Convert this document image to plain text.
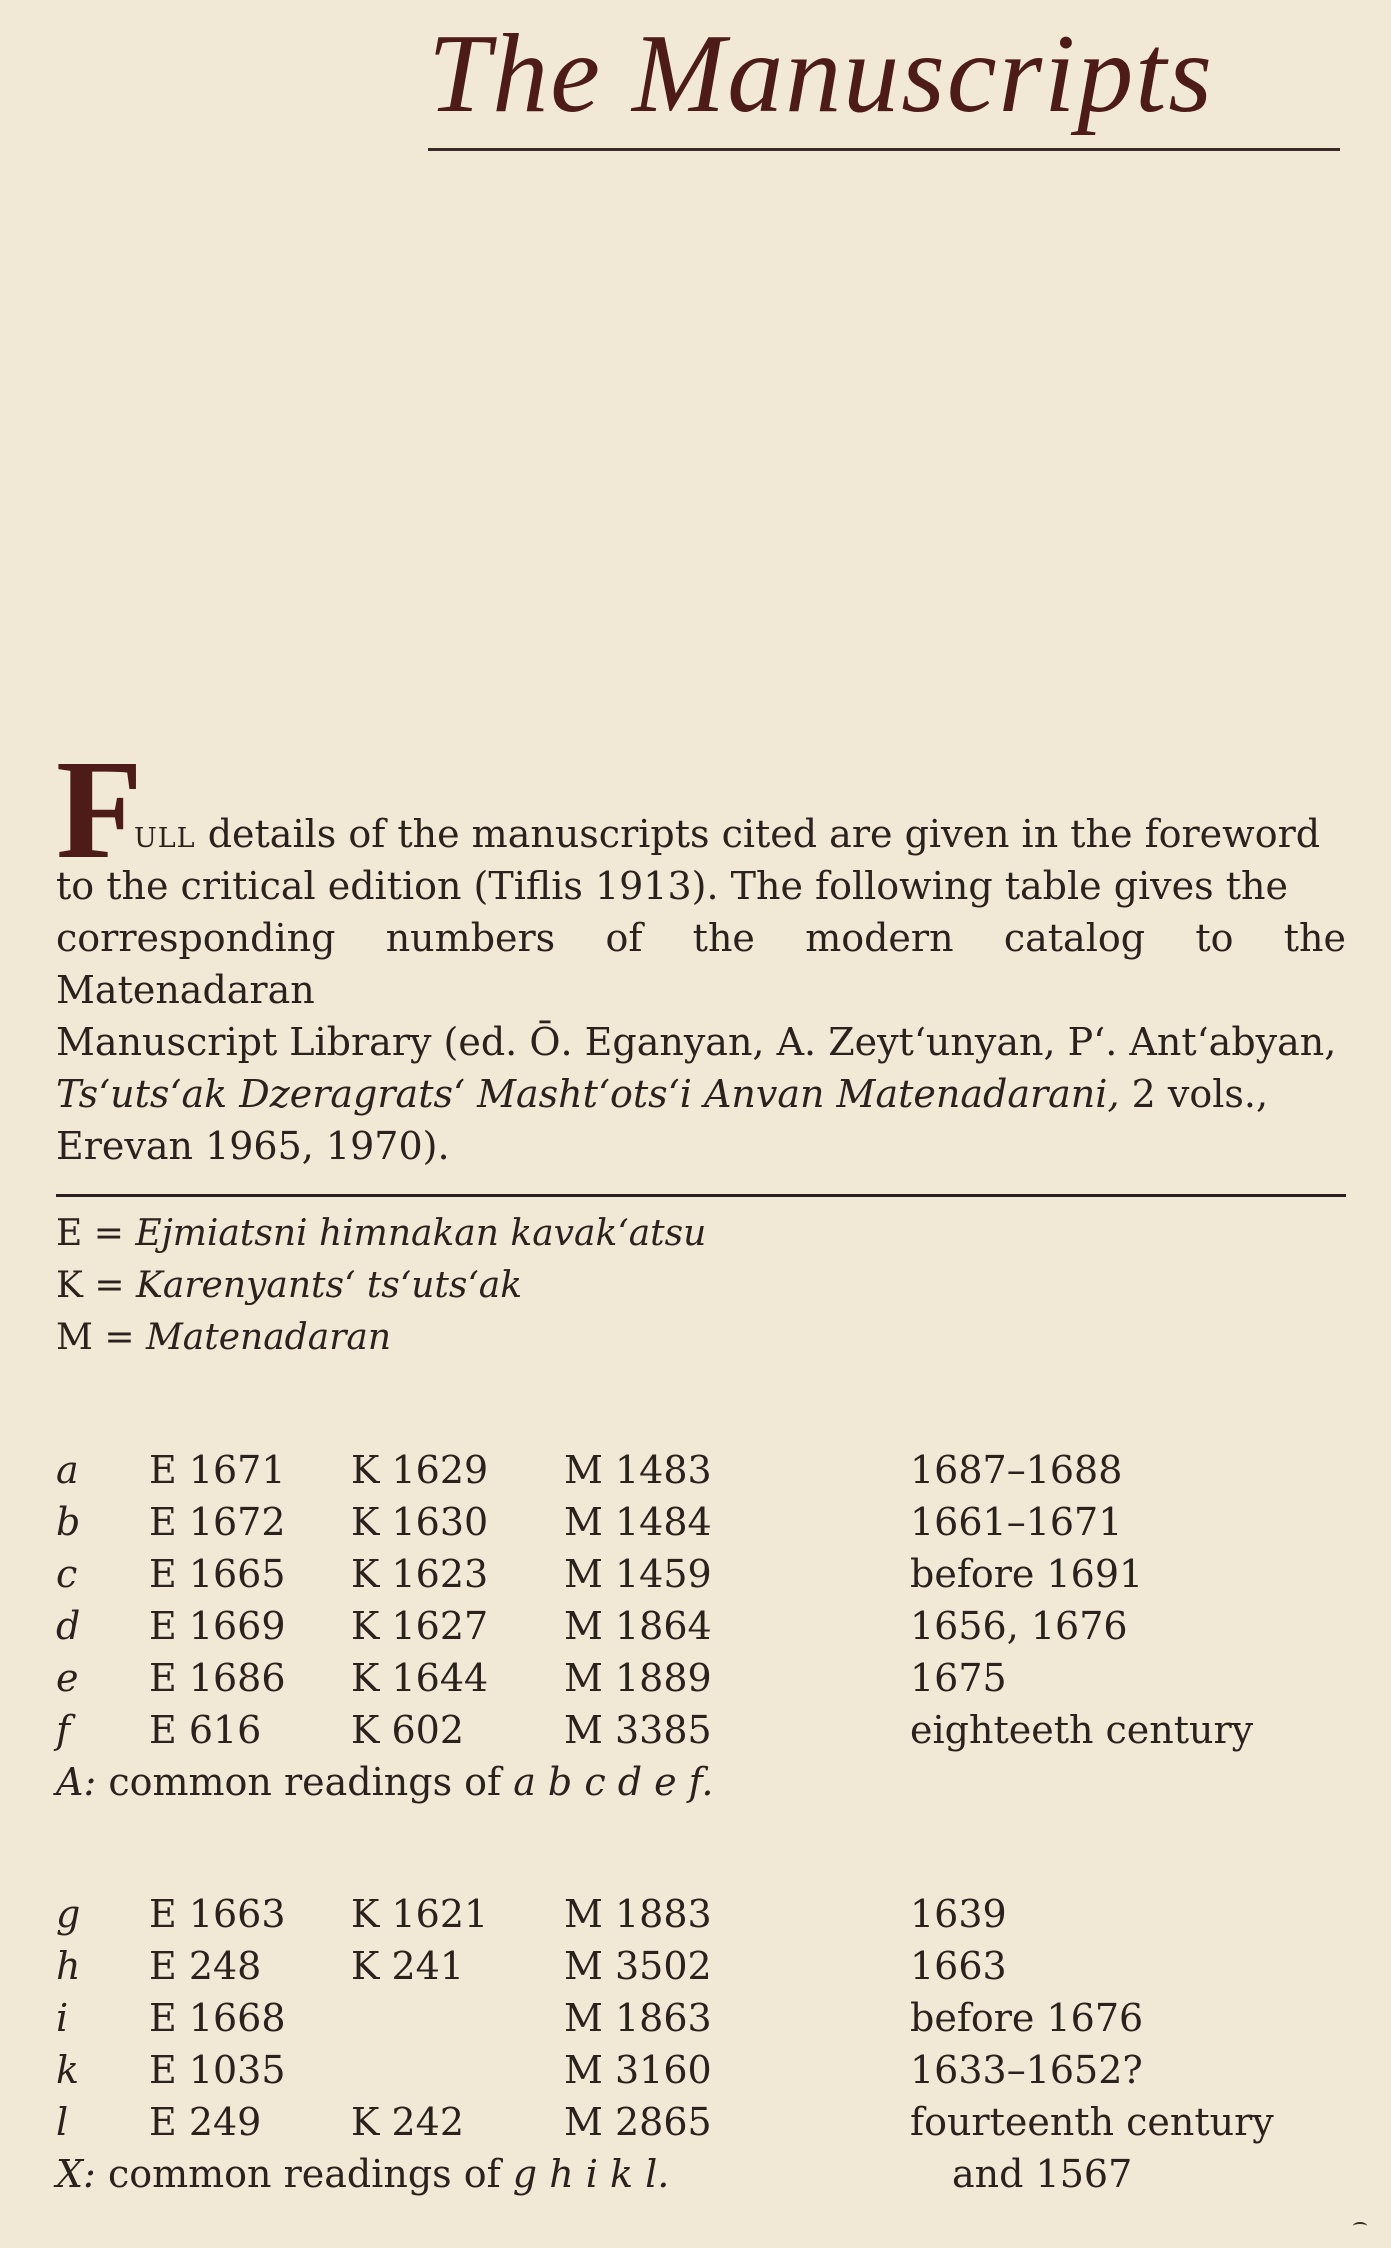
The Manuscripts
F

ull details of the manuscripts cited are given in the foreword

to the critical edition (Tiflis 1913). The following table gives the

corresponding numbers of the modern catalog to the Matenadaran

Manuscript Library (ed. Ō. Eganyan, A. Zeyt‘unyan, P‘. Ant‘abyan,

Ts‘uts‘ak Dzeragrats‘ Masht‘ots‘i Anvan Matenadarani, 2 vols.,

Erevan 1965, 1970).

E = Ejmiatsni himnakan kavak‘atsu
K = Karenyants‘ ts‘uts‘ak
M = Matenadaran
a E 1671 K 1629 M 1483	1687–1688
b E 1672 K 1630 M 1484	1661–1671
c E 1665 K 1623 M 1459	before 1691
d E 1669 K 1627 M 1864	1656, 1676
e E 1686 K 1644 M 1889	1675
f E 616 K 602	M 3385	eighteeth century
A: common readings of a b c d e f.
g E 1663 K 1621 M 1883	1639
h E 248 K 241	M 3502	1663
i E 1668	M 1863	before 1676
k E 1035	M 3160	1633–1652?
l E 249 K 242	M 2865	fourteenth century
X: common readings of g h i k l.	and 1567
